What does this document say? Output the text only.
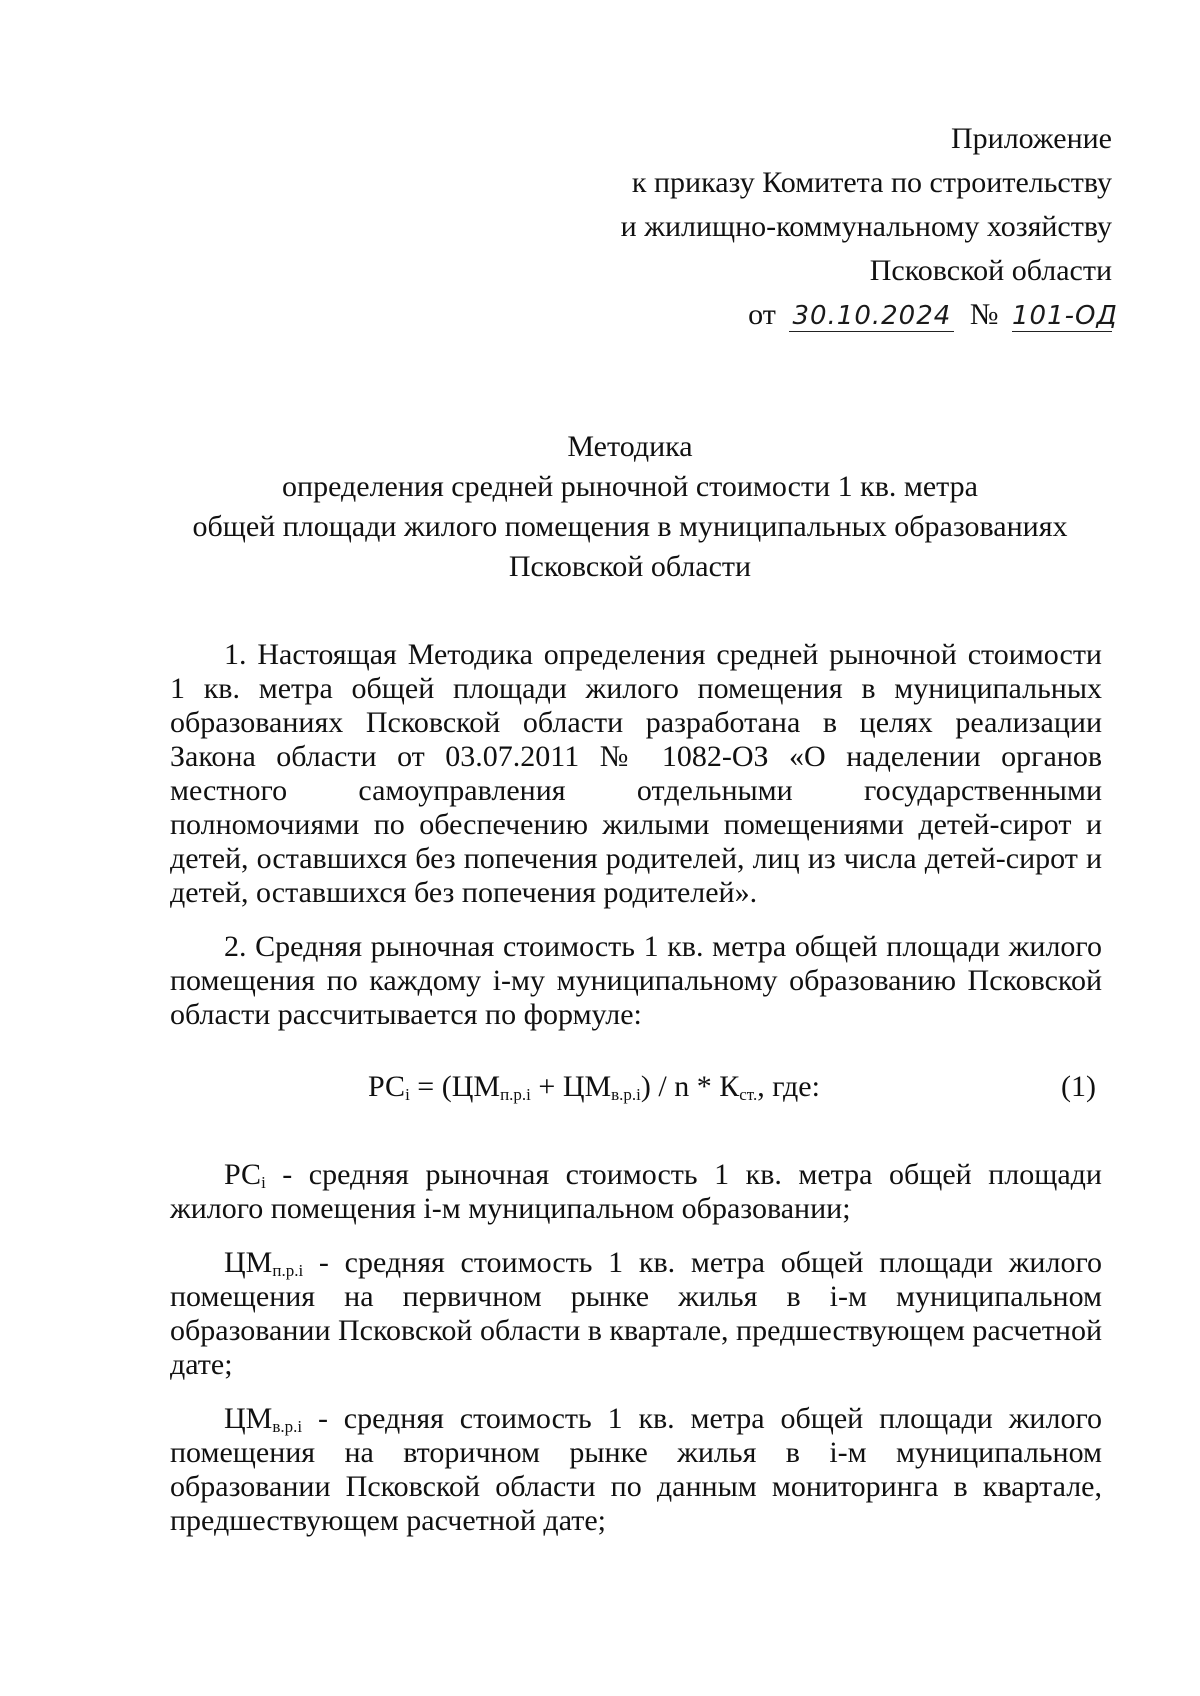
Приложение
к приказу Комитета по строительству
и жилищно-коммунальному хозяйству
Псковской области
от 30.10.2024 № 101-ОД
Методика
определения средней рыночной стоимости 1 кв. метра
общей площади жилого помещения в муниципальных образованиях
Псковской области

1. Настоящая Методика определения средней рыночной стоимости 1 кв. метра общей площади жилого помещения в муниципальных образованиях Псковской области разработана в целях реализации Закона области от 03.07.2011 № 1082-ОЗ «О наделении органов местного самоуправления отдельными государственными полномочиями по обеспечению жилыми помещениями детей-сирот и детей, оставшихся без попечения родителей, лиц из числа детей-сирот и детей, оставшихся без попечения родителей».

2. Средняя рыночная стоимость 1 кв. метра общей площади жилого помещения по каждому i-му муниципальному образованию Псковской области рассчитывается по формуле:

$РС_i = (ЦМ_{п.р.i} + ЦМ_{в.р.i}) / n * К_{ст.}$, где:	(1)

$РС_i$ - средняя рыночная стоимость 1 кв. метра общей площади жилого помещения i-м муниципальном образовании;

$ЦМ_{п.р.i}$ - средняя стоимость 1 кв. метра общей площади жилого помещения на первичном рынке жилья в i-м муниципальном образовании Псковской области в квартале, предшествующем расчетной дате;

$ЦМ_{в.р.i}$ - средняя стоимость 1 кв. метра общей площади жилого помещения на вторичном рынке жилья в i-м муниципальном образовании Псковской области по данным мониторинга в квартале, предшествующем расчетной дате;
